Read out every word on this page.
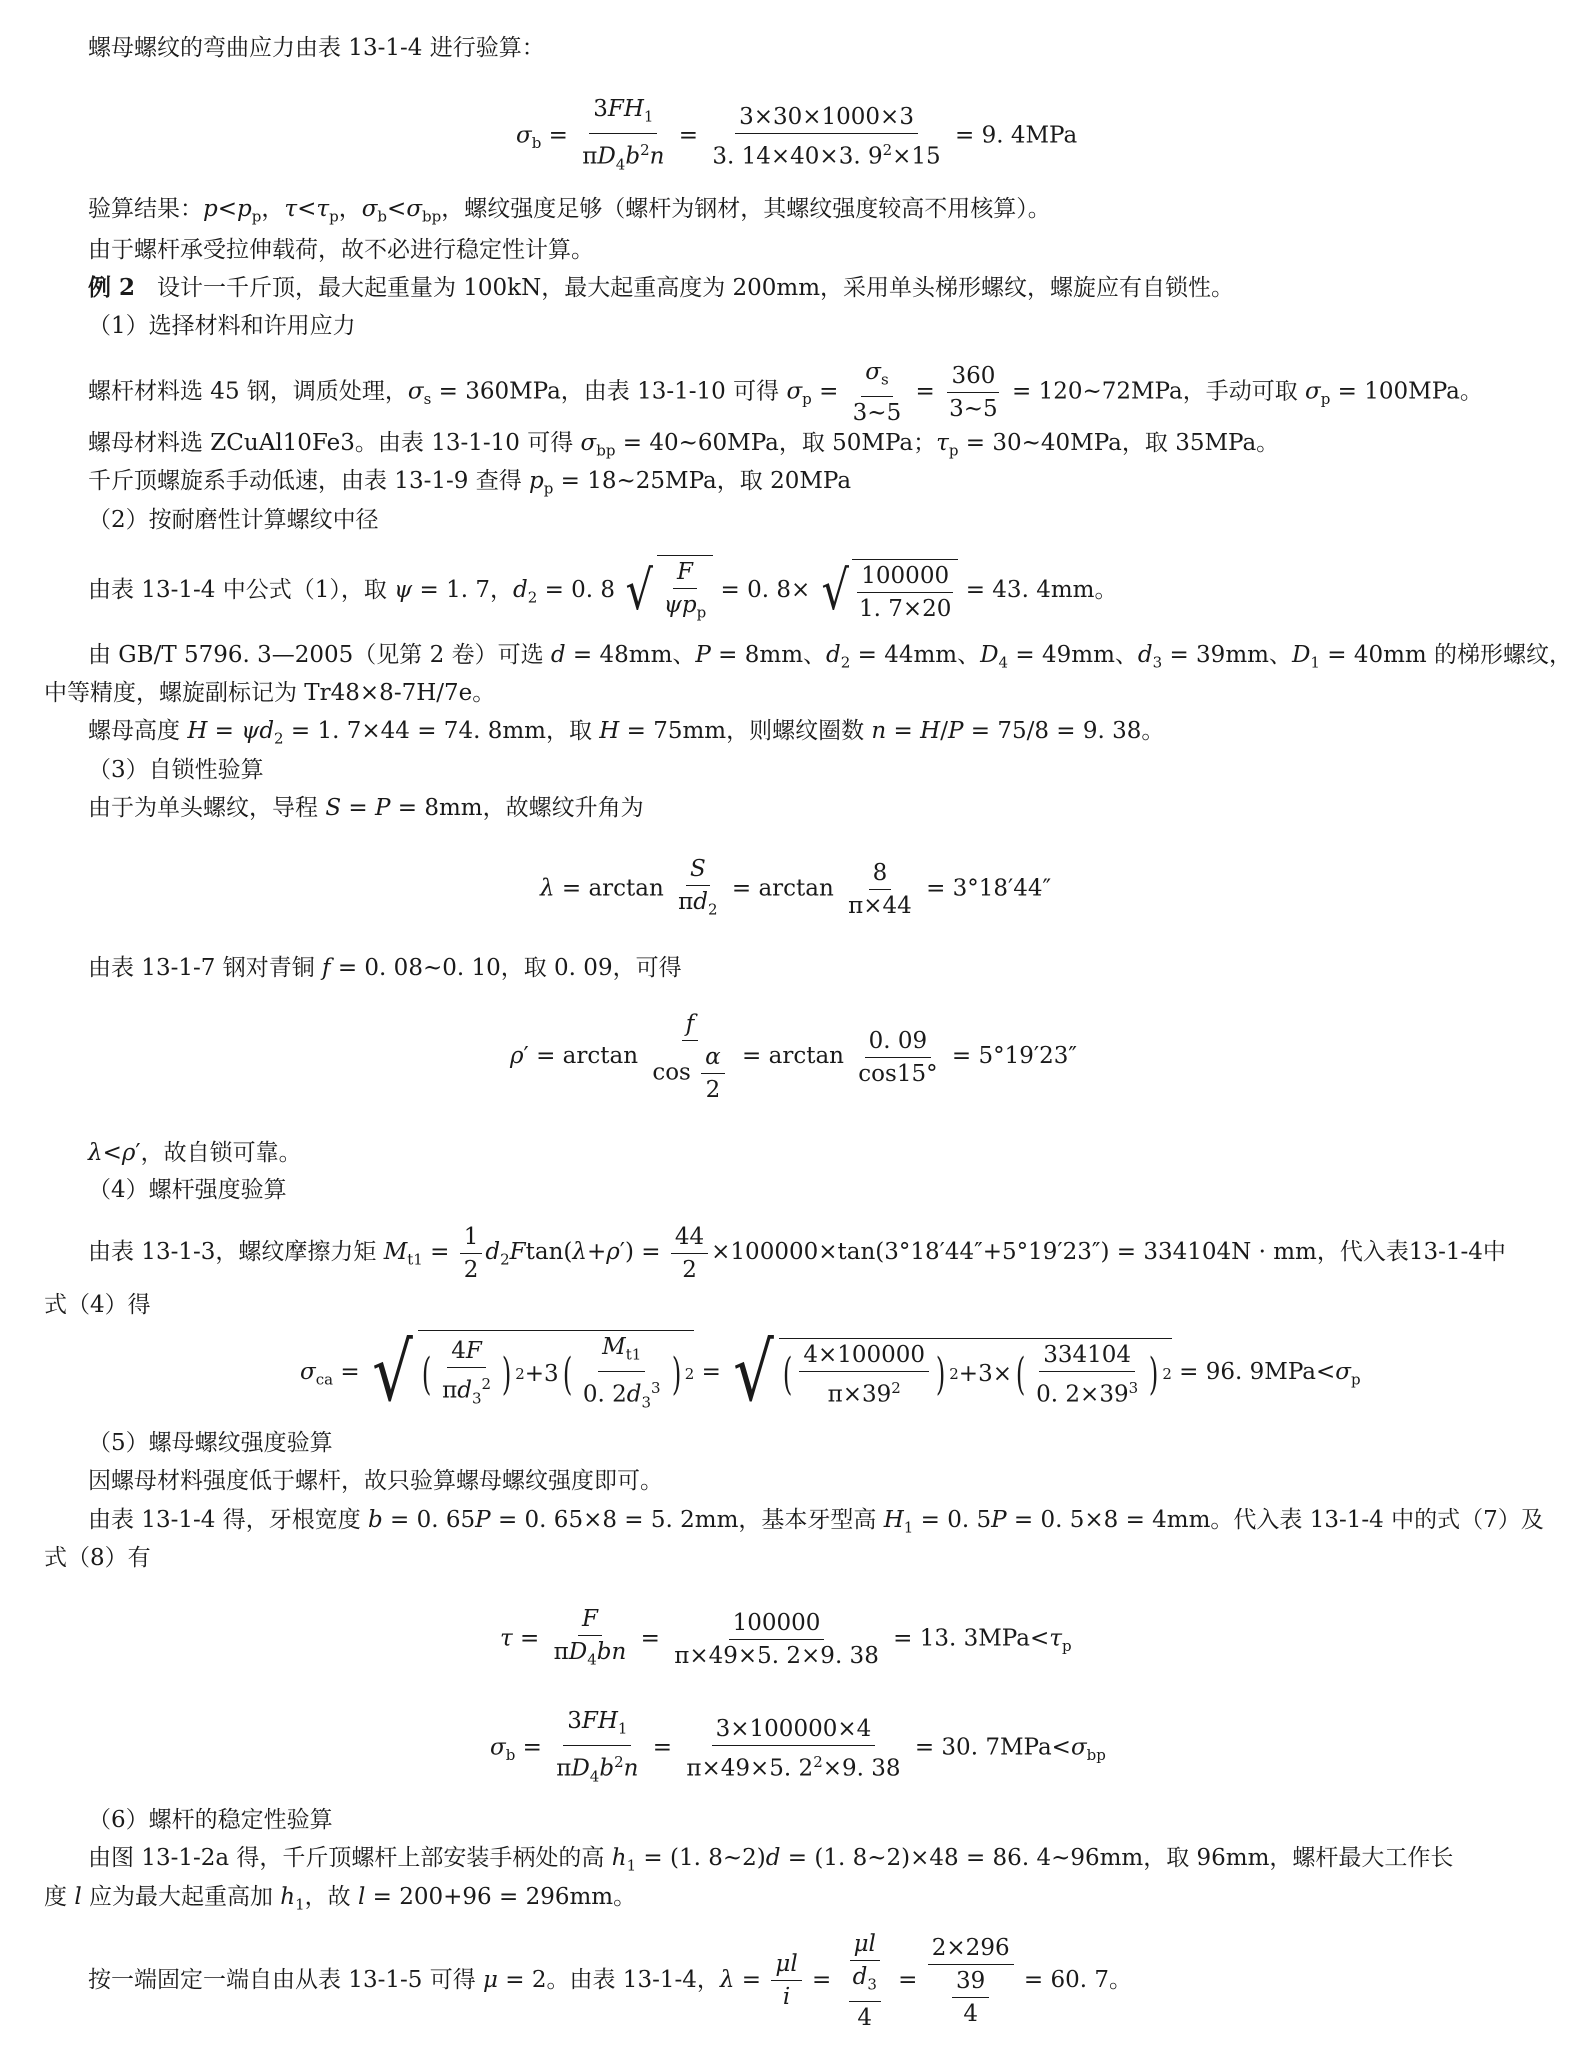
螺母螺纹的弯曲应力由表 13-1-4 进行验算：
$\sigma_b = \frac{3FH_1}{\pi D_4b^2n} = \frac{3\times 30\times 1000\times 3}{3. 14\times 40\times 3. 9^2\times 15} = 9$. 4MPa
验算结果：$p<p_p$，$\tau<\tau_p$，$\sigma_b<\sigma_{bp}$，螺纹强度足够（螺杆为钢材，其螺纹强度较高不用核算）。
由于螺杆承受拉伸载荷，故不必进行稳定性计算。
例 2 设计一千斤顶，最大起重量为 100kN，最大起重高度为 200mm，采用单头梯形螺纹，螺旋应有自锁性。
（1）选择材料和许用应力
螺杆材料选 45 钢，调质处理，$\sigma_s = 360MPa$，由表 13-1-10 可得 $\sigma_p = \frac{\sigma_s}{3\sim 5} = \frac{360}{3\sim 5}$ = 120~72MPa，手动可取 $\sigma_p = 100MPa$。
螺母材料选 ZCuAl10Fe3。由表 13-1-10 可得 $\sigma_{bp}$ = 40~60MPa，取 50MPa；$\tau_p$ = 30~40MPa，取 35MPa。
千斤顶螺旋系手动低速，由表 13-1-9 查得 $p_p$ = 18~25MPa，取 20MPa
（2）按耐磨性计算螺纹中径
由表 13-1-4 中公式（1），取 ψ = 1. 7，$d_2 = 0$. 8 √ F
$\psi p_p$
= 0. 8× √ 100000
1. 7×20
= 43. 4mm。
由 GB/T 5796. 3—2005（见第 2 卷）可选 d = 48mm、P = 8mm、$d_2 = 44mm$、$D_4 = 49mm$、$d_3 = 39mm$、$D_1 = 40mm$ 的梯形螺纹，
中等精度，螺旋副标记为 Tr48×8-7H/7e。
螺母高度 $H = \psi d_2 = 1$. 7×44 = 74. 8mm，取 H = 75mm，则螺纹圈数 n = H/P = 75/8 = 9. 38。
（3）自锁性验算
由于为单头螺纹，导程 S = P = 8mm，故螺纹升角为
$\lambda = \arctan \frac{S}{\pi d_2} = \arctan \frac{8}{\pi\times 44} = 3^\circ 18'44''$
由表 13-1-7 钢对青铜 f = 0. 08~0. 10，取 0. 09，可得
$\rho' = \arctan \frac{f}{\cos \frac{\alpha}{2}} = \arctan \frac{0. 09}{\cos 15^\circ} = 5^\circ 19'23''$
λ<ρ′，故自锁可靠。
（4）螺杆强度验算
由表 13-1-3，螺纹摩擦力矩 $M_{t1} = \frac{1}{2} d_2Ftan(\lambda+\rho') = \frac{44}{2} \times 100000\times\tan(3^\circ 18'44''+5^\circ 19'23'') = 334104N$ · mm，代入表13-1-4中
式（4）得
$\sigma_{ca}$ = √ ( 4F
$\pi d_3^2$ ) 2 +3 (
$M_{t1}$
0. $2d_3^3$ ) 2 = √ ( 4×100000
$\pi\times 39^2$ ) 2 +3× ( 334104
0. $2\times 39^3$ ) 2 = 96. $9MPa<\sigma_p$
（5）螺母螺纹强度验算
因螺母材料强度低于螺杆，故只验算螺母螺纹强度即可。
由表 13-1-4 得，牙根宽度 b = 0. 65P = 0. 65×8 = 5. 2mm，基本牙型高 $H_1 = 0$. 5P = 0. 5×8 = 4mm。代入表 13-1-4 中的式（7）及
式（8）有
$\tau = \frac{F}{\pi D_4bn} = \frac{100000}{\pi\times 49\times 5. 2\times 9. 38} = 13$. $3MPa<\tau_p$
$\sigma_b = \frac{3FH_1}{\pi D_4b^2n} = \frac{3\times 100000\times 4}{\pi\times 49\times 5. 2^2\times 9. 38} = 30$. $7MPa<\sigma_{bp}$
（6）螺杆的稳定性验算
由图 13-1-2a 得，千斤顶螺杆上部安装手柄处的高 $h_1 = (1$. 8~2)d = (1. 8~2)×48 = 86. 4~96mm，取 96mm，螺杆最大工作长
度 l 应为最大起重高加 $h_1$，故 l = 200+96 = 296mm。
按一端固定一端自由从表 13-1-5 可得 μ = 2。由表 13-1-4，$\lambda = \frac{\mu l}{i} = \frac{\mu l}{\frac{d_3}{4}} = \frac{2\times 296}{\frac{39}{4}} = 60$. 7。
